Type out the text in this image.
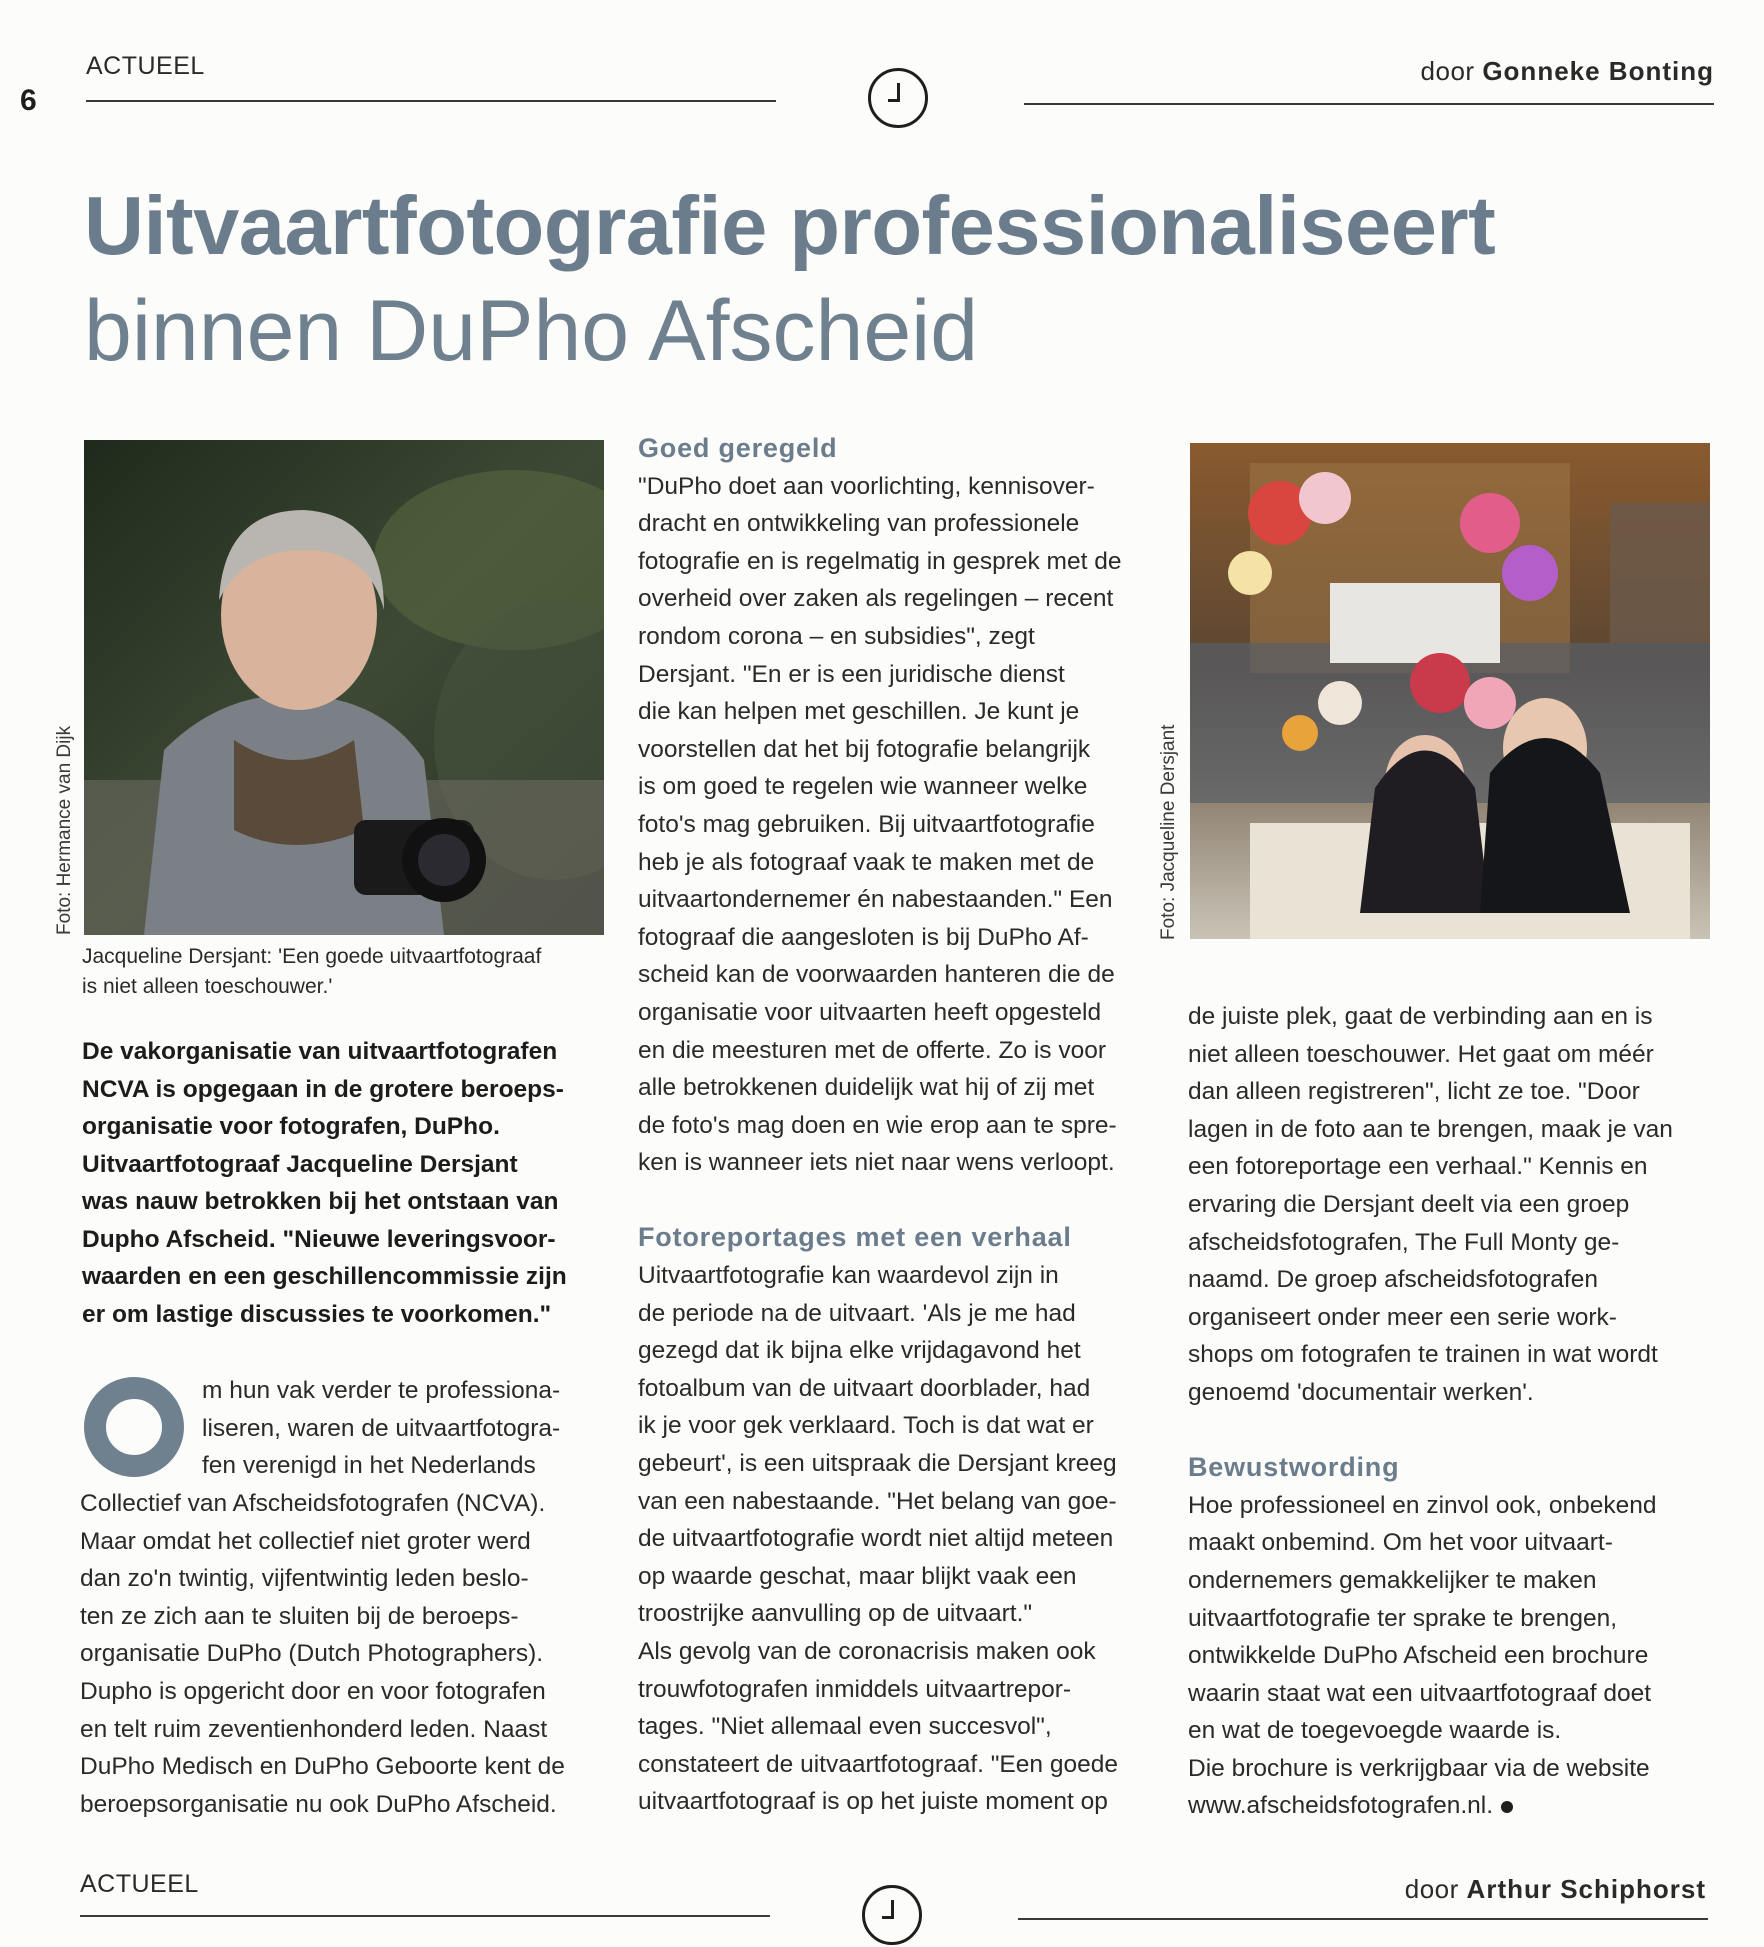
ACTUEEL
6
door Gonneke Bonting
Uitvaartfotografie professionaliseert
binnen DuPho Afscheid
Foto: Hermance van Dijk
Jacqueline Dersjant: 'Een goede uitvaartfotograaf
is niet alleen toeschouwer.'
De vakorganisatie van uitvaartfotografen
NCVA is opgegaan in de grotere beroeps-
organisatie voor fotografen, DuPho.
Uitvaartfotograaf Jacqueline Dersjant
was nauw betrokken bij het ontstaan van
Dupho Afscheid. "Nieuwe leveringsvoor-
waarden en een geschillencommissie zijn
er om lastige discussies te voorkomen."
m hun vak verder te professiona-
liseren, waren de uitvaartfotogra-
fen verenigd in het Nederlands
Collectief van Afscheidsfotografen (NCVA).
Maar omdat het collectief niet groter werd
dan zo'n twintig, vijfentwintig leden beslo-
ten ze zich aan te sluiten bij de beroeps-
organisatie DuPho (Dutch Photographers).
Dupho is opgericht door en voor fotografen
en telt ruim zeventienhonderd leden. Naast
DuPho Medisch en DuPho Geboorte kent de
beroepsorganisatie nu ook DuPho Afscheid.
Goed geregeld
"DuPho doet aan voorlichting, kennisover-
dracht en ontwikkeling van professionele
fotografie en is regelmatig in gesprek met de
overheid over zaken als regelingen – recent
rondom corona – en subsidies", zegt
Dersjant. "En er is een juridische dienst
die kan helpen met geschillen. Je kunt je
voorstellen dat het bij fotografie belangrijk
is om goed te regelen wie wanneer welke
foto's mag gebruiken. Bij uitvaartfotografie
heb je als fotograaf vaak te maken met de
uitvaartondernemer én nabestaanden." Een
fotograaf die aangesloten is bij DuPho Af-
scheid kan de voorwaarden hanteren die de
organisatie voor uitvaarten heeft opgesteld
en die meesturen met de offerte. Zo is voor
alle betrokkenen duidelijk wat hij of zij met
de foto's mag doen en wie erop aan te spre-
ken is wanneer iets niet naar wens verloopt.
Fotoreportages met een verhaal
Uitvaartfotografie kan waardevol zijn in
de periode na de uitvaart. 'Als je me had
gezegd dat ik bijna elke vrijdagavond het
fotoalbum van de uitvaart doorblader, had
ik je voor gek verklaard. Toch is dat wat er
gebeurt', is een uitspraak die Dersjant kreeg
van een nabestaande. "Het belang van goe-
de uitvaartfotografie wordt niet altijd meteen
op waarde geschat, maar blijkt vaak een
troostrijke aanvulling op de uitvaart."
Als gevolg van de coronacrisis maken ook
trouwfotografen inmiddels uitvaartrepor-
tages. "Niet allemaal even succesvol",
constateert de uitvaartfotograaf. "Een goede
uitvaartfotograaf is op het juiste moment op
Foto: Jacqueline Dersjant
de juiste plek, gaat de verbinding aan en is
niet alleen toeschouwer. Het gaat om méér
dan alleen registreren", licht ze toe. "Door
lagen in de foto aan te brengen, maak je van
een fotoreportage een verhaal." Kennis en
ervaring die Dersjant deelt via een groep
afscheidsfotografen, The Full Monty ge-
naamd. De groep afscheidsfotografen
organiseert onder meer een serie work-
shops om fotografen te trainen in wat wordt
genoemd 'documentair werken'.
Bewustwording
Hoe professioneel en zinvol ook, onbekend
maakt onbemind. Om het voor uitvaart-
ondernemers gemakkelijker te maken
uitvaartfotografie ter sprake te brengen,
ontwikkelde DuPho Afscheid een brochure
waarin staat wat een uitvaartfotograaf doet
en wat de toegevoegde waarde is.
Die brochure is verkrijgbaar via de website
www.afscheidsfotografen.nl.
ACTUEEL	door Arthur Schiphorst
